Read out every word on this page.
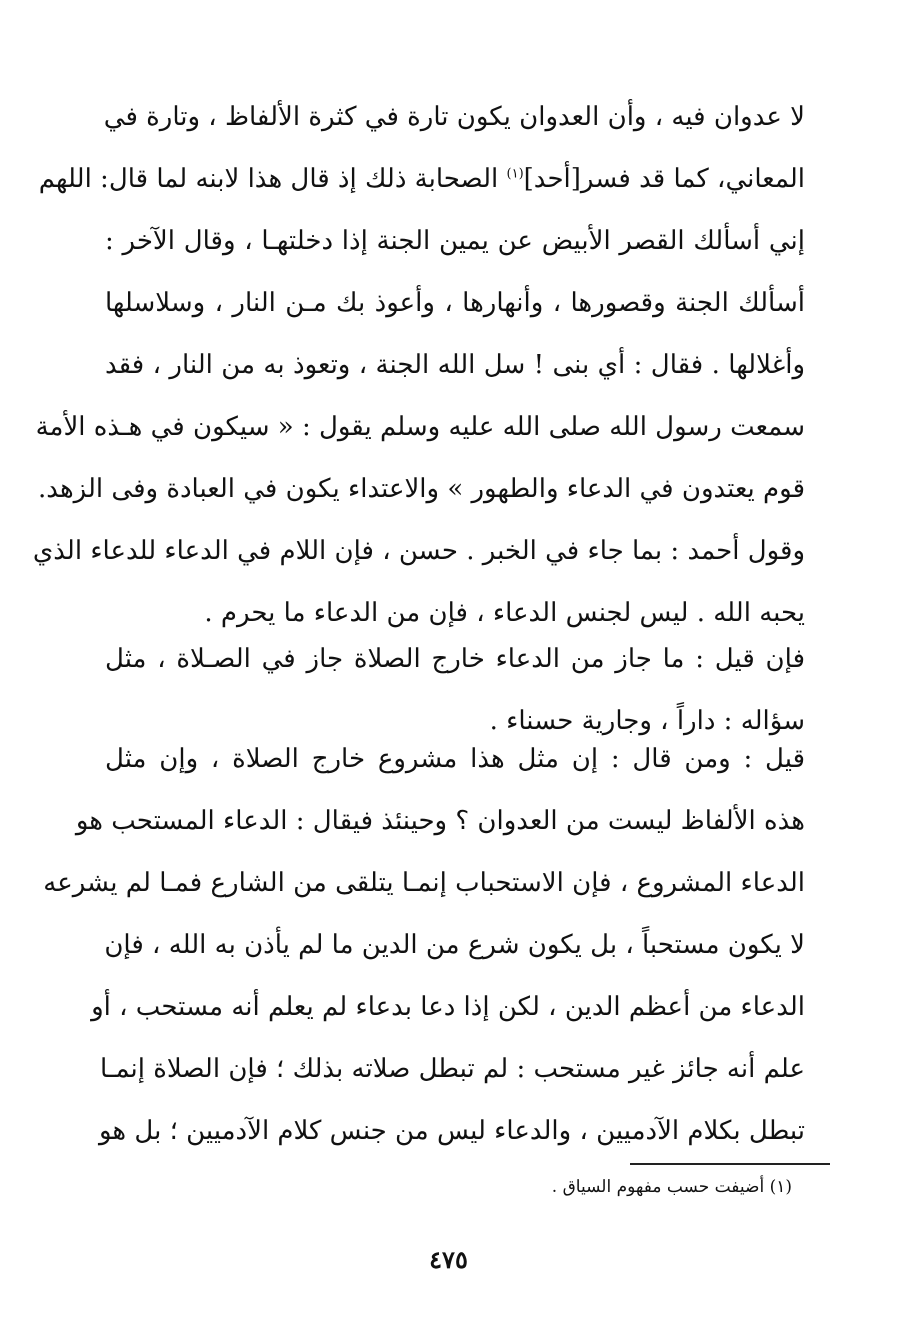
لا عدوان فيه ، وأن العدوان يكون تارة في كثرة الألفاظ ، وتارة في
المعاني، كما قد فسر[أحد]$^{(١)}$ الصحابة ذلك إذ قال هذا لابنه لما قال: اللهم
إني أسألك القصر الأبيض عن يمين الجنة إذا دخلتهـا ، وقال الآخر :
أسألك الجنة وقصورها ، وأنهارها ، وأعوذ بك مـن النار ، وسلاسلها
وأغلالها . فقال : أي بنى ! سل الله الجنة ، وتعوذ به من النار ، فقد
سمعت رسول الله صلى الله عليه وسلم يقول : « سيكون في هـذه الأمة
قوم يعتدون في الدعاء والطهور » والاعتداء يكون في العبادة وفى الزهد.
وقول أحمد : بما جاء في الخبر . حسن ، فإن اللام في الدعاء للدعاء الذي
يحبه الله . ليس لجنس الدعاء ، فإن من الدعاء ما يحرم .
فإن قيل : ما جاز من الدعاء خارج الصلاة جاز في الصـلاة ، مثل
سؤاله : داراً ، وجارية حسناء .
قيل : ومن قال : إن مثل هذا مشروع خارج الصلاة ، وإن مثل
هذه الألفاظ ليست من العدوان ؟ وحينئذ فيقال : الدعاء المستحب هو
الدعاء المشروع ، فإن الاستحباب إنمـا يتلقى من الشارع فمـا لم يشرعه
لا يكون مستحباً ، بل يكون شرع من الدين ما لم يأذن به الله ، فإن
الدعاء من أعظم الدين ، لكن إذا دعا بدعاء لم يعلم أنه مستحب ، أو
علم أنه جائز غير مستحب : لم تبطل صلاته بذلك ؛ فإن الصلاة إنمـا
تبطل بكلام الآدميين ، والدعاء ليس من جنس كلام الآدميين ؛ بل هو
(١) أضيفت حسب مفهوم السياق .
٤٧٥
